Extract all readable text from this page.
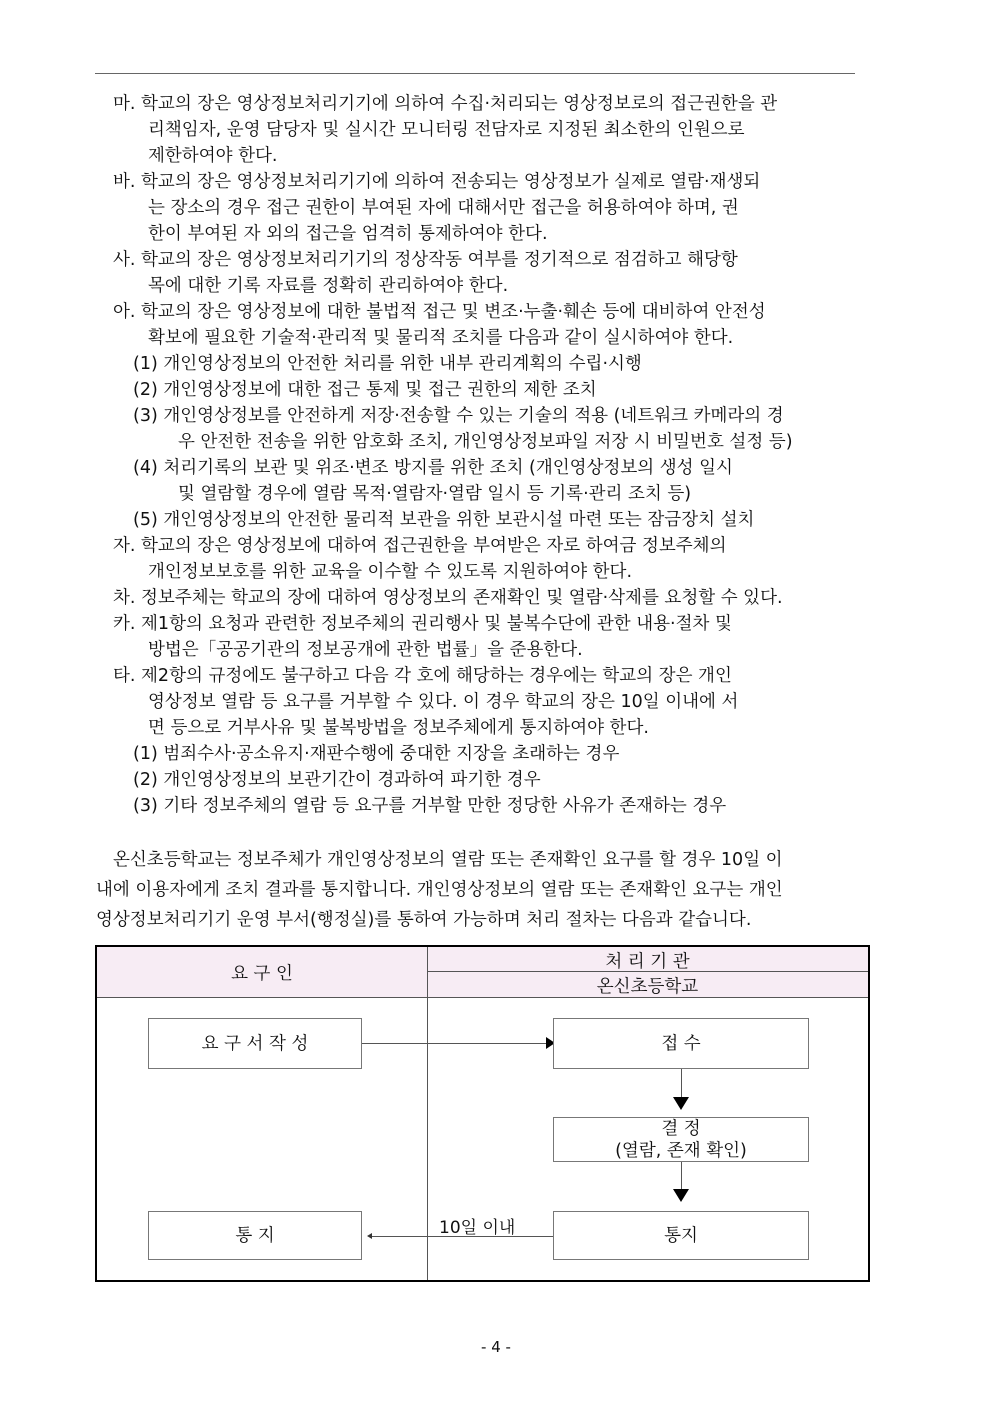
마. 학교의 장은 영상정보처리기기에 의하여 수집·처리되는 영상정보로의 접근권한을 관
리책임자, 운영 담당자 및 실시간 모니터링 전담자로 지정된 최소한의 인원으로
제한하여야 한다.
바. 학교의 장은 영상정보처리기기에 의하여 전송되는 영상정보가 실제로 열람·재생되
는 장소의 경우 접근 권한이 부여된 자에 대해서만 접근을 허용하여야 하며, 권
한이 부여된 자 외의 접근을 엄격히 통제하여야 한다.
사. 학교의 장은 영상정보처리기기의 정상작동 여부를 정기적으로 점검하고 해당항
목에 대한 기록 자료를 정확히 관리하여야 한다.
아. 학교의 장은 영상정보에 대한 불법적 접근 및 변조·누출·훼손 등에 대비하여 안전성
확보에 필요한 기술적·관리적 및 물리적 조치를 다음과 같이 실시하여야 한다.
(1) 개인영상정보의 안전한 처리를 위한 내부 관리계획의 수립·시행
(2) 개인영상정보에 대한 접근 통제 및 접근 권한의 제한 조치
(3) 개인영상정보를 안전하게 저장·전송할 수 있는 기술의 적용 (네트워크 카메라의 경
우 안전한 전송을 위한 암호화 조치, 개인영상정보파일 저장 시 비밀번호 설정 등)
(4) 처리기록의 보관 및 위조·변조 방지를 위한 조치 (개인영상정보의 생성 일시
및 열람할 경우에 열람 목적·열람자·열람 일시 등 기록·관리 조치 등)
(5) 개인영상정보의 안전한 물리적 보관을 위한 보관시설 마련 또는 잠금장치 설치
자. 학교의 장은 영상정보에 대하여 접근권한을 부여받은 자로 하여금 정보주체의
개인정보보호를 위한 교육을 이수할 수 있도록 지원하여야 한다.
차. 정보주체는 학교의 장에 대하여 영상정보의 존재확인 및 열람·삭제를 요청할 수 있다.
카. 제1항의 요청과 관련한 정보주체의 권리행사 및 불복수단에 관한 내용·절차 및
방법은「공공기관의 정보공개에 관한 법률」을 준용한다.
타. 제2항의 규정에도 불구하고 다음 각 호에 해당하는 경우에는 학교의 장은 개인
영상정보 열람 등 요구를 거부할 수 있다. 이 경우 학교의 장은 10일 이내에 서
면 등으로 거부사유 및 불복방법을 정보주체에게 통지하여야 한다.
(1) 범죄수사·공소유지·재판수행에 중대한 지장을 초래하는 경우
(2) 개인영상정보의 보관기간이 경과하여 파기한 경우
(3) 기타 정보주체의 열람 등 요구를 거부할 만한 정당한 사유가 존재하는 경우
온신초등학교는 정보주체가 개인영상정보의 열람 또는 존재확인 요구를 할 경우 10일 이
내에 이용자에게 조치 결과를 통지합니다. 개인영상정보의 열람 또는 존재확인 요구는 개인
영상정보처리기기 운영 부서(행정실)를 통하여 가능하며 처리 절차는 다음과 같습니다.
요 구 인
처 리 기 관
온신초등학교
요 구 서 작 성	접 수
결 정
(열람, 존재 확인)
통지
10일 이내
통 지
- 4 -
